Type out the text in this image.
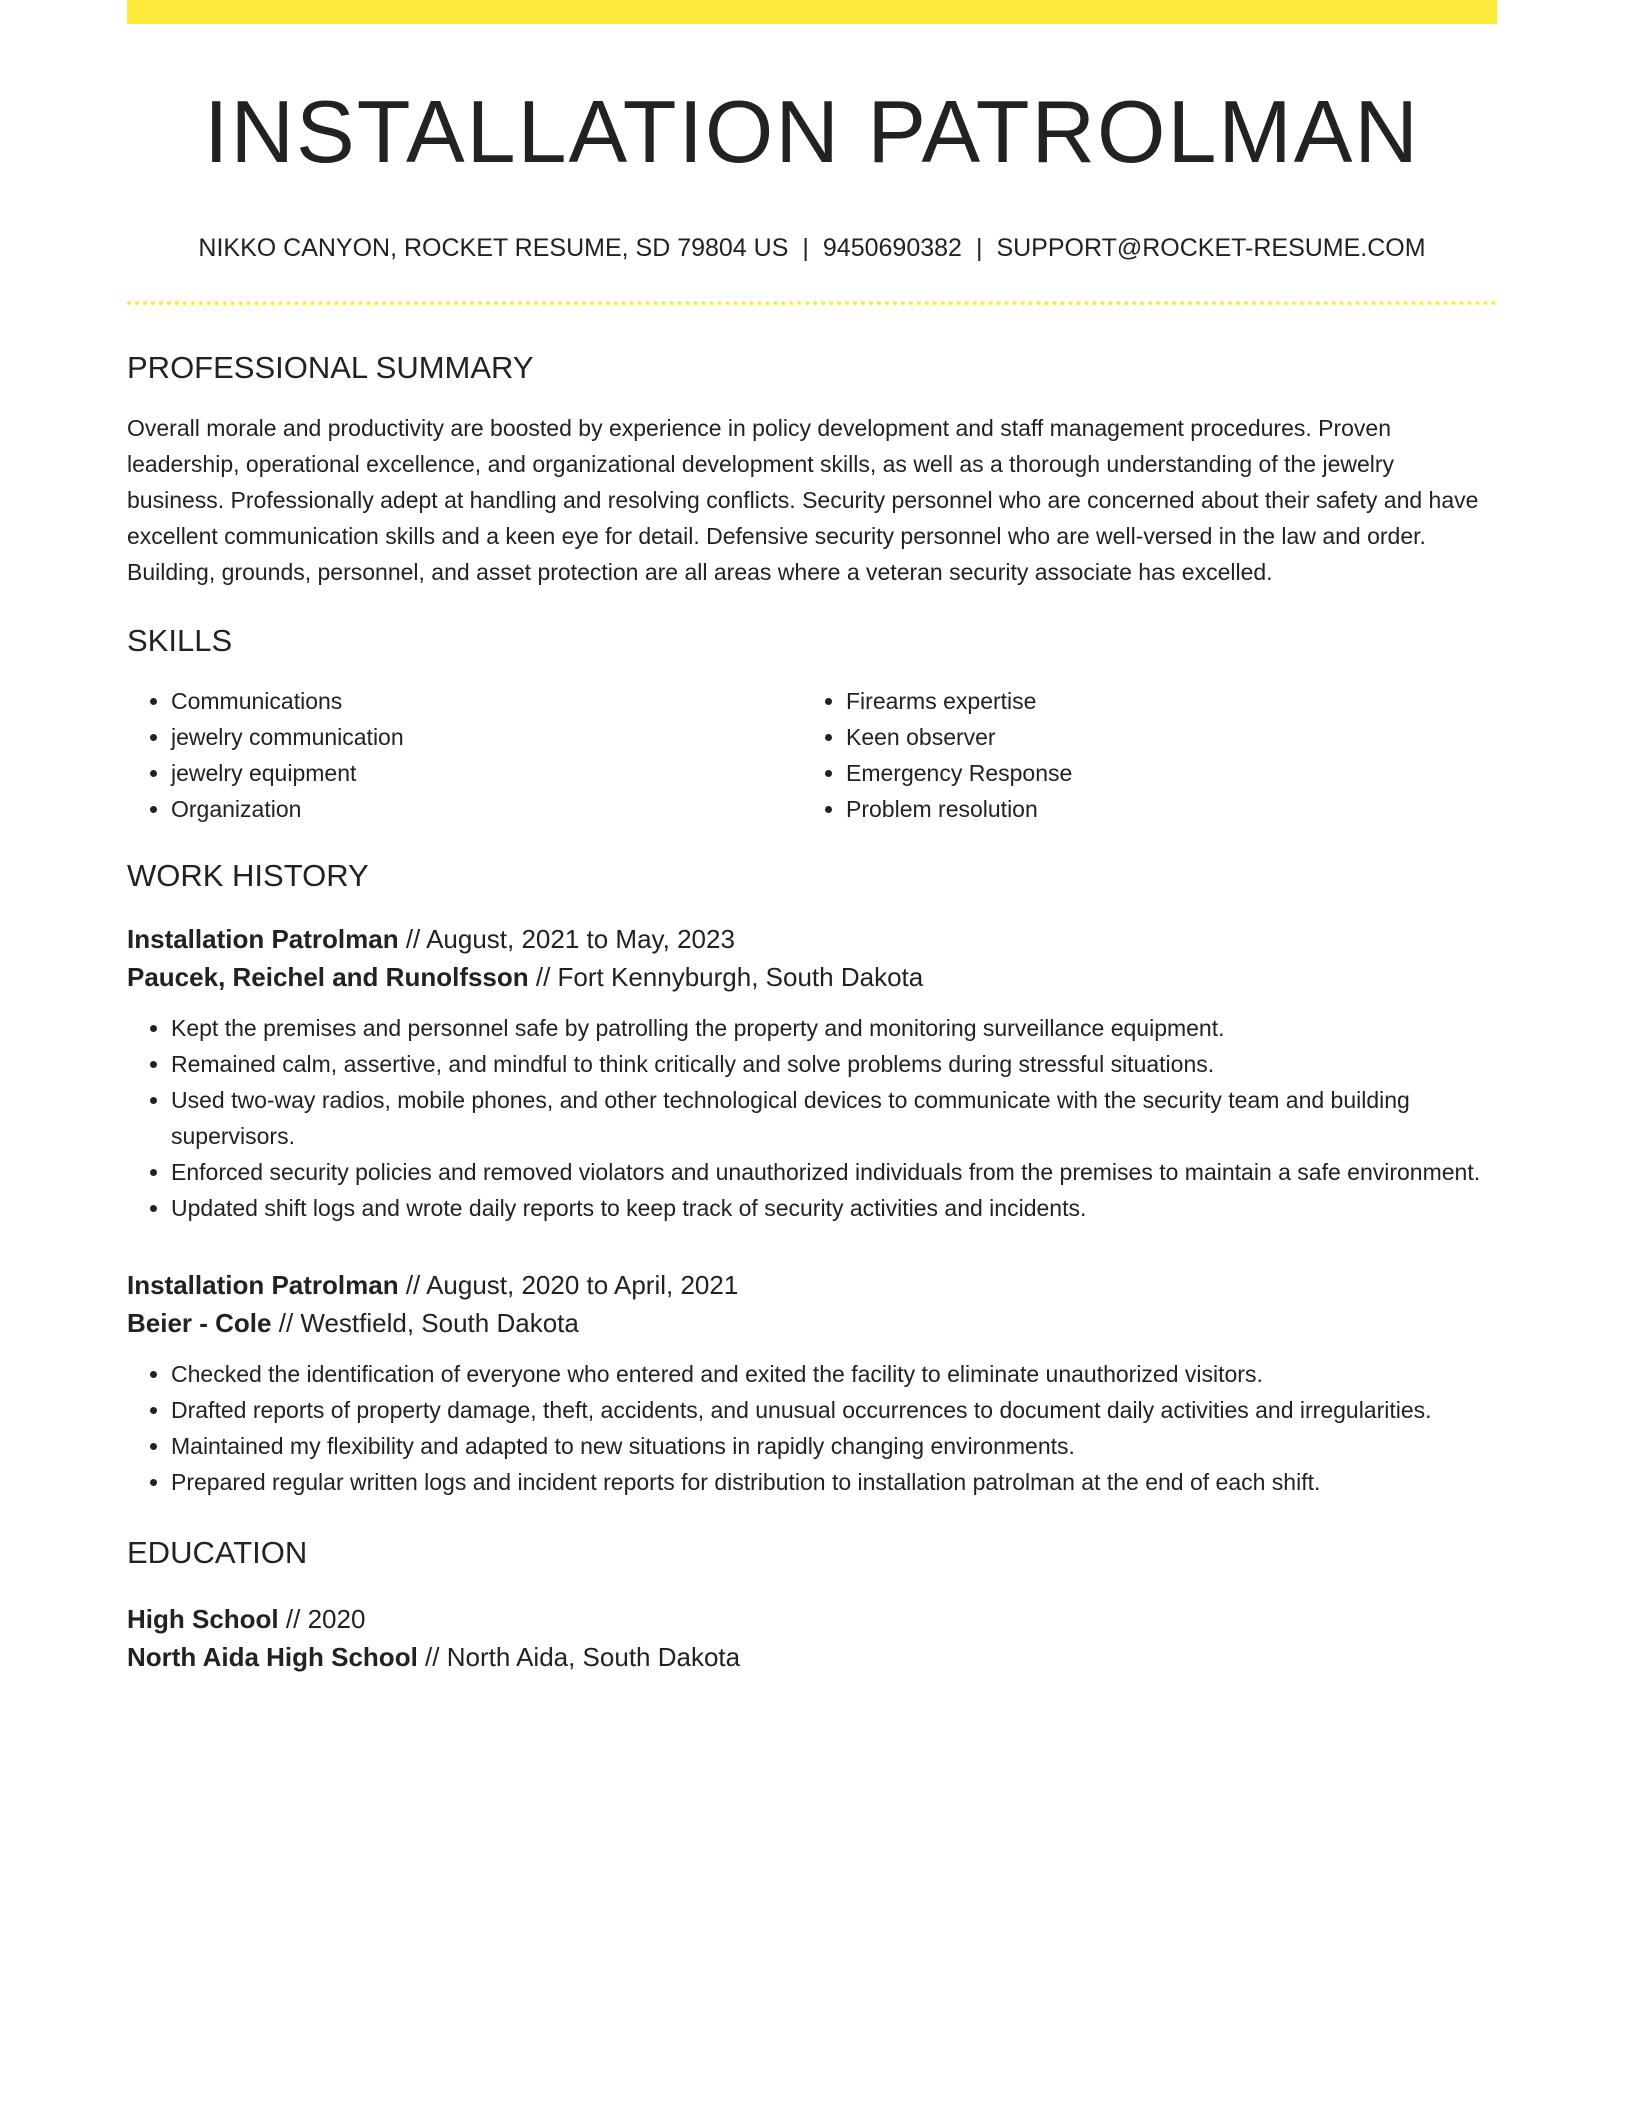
INSTALLATION PATROLMAN
NIKKO CANYON, ROCKET RESUME, SD 79804 US | 9450690382 | SUPPORT@ROCKET-RESUME.COM
PROFESSIONAL SUMMARY
Overall morale and productivity are boosted by experience in policy development and staff management procedures. Proven leadership, operational excellence, and organizational development skills, as well as a thorough understanding of the jewelry business. Professionally adept at handling and resolving conflicts. Security personnel who are concerned about their safety and have excellent communication skills and a keen eye for detail. Defensive security personnel who are well-versed in the law and order. Building, grounds, personnel, and asset protection are all areas where a veteran security associate has excelled.
SKILLS
• Communications
• jewelry communication
• jewelry equipment
• Organization
• Firearms expertise
• Keen observer
• Emergency Response
• Problem resolution
WORK HISTORY
Installation Patrolman // August, 2021 to May, 2023
Paucek, Reichel and Runolfsson // Fort Kennyburgh, South Dakota
• Kept the premises and personnel safe by patrolling the property and monitoring surveillance equipment.
• Remained calm, assertive, and mindful to think critically and solve problems during stressful situations.
• Used two-way radios, mobile phones, and other technological devices to communicate with the security team and building supervisors.
• Enforced security policies and removed violators and unauthorized individuals from the premises to maintain a safe environment.
• Updated shift logs and wrote daily reports to keep track of security activities and incidents.
Installation Patrolman // August, 2020 to April, 2021
Beier - Cole // Westfield, South Dakota
• Checked the identification of everyone who entered and exited the facility to eliminate unauthorized visitors.
• Drafted reports of property damage, theft, accidents, and unusual occurrences to document daily activities and irregularities.
• Maintained my flexibility and adapted to new situations in rapidly changing environments.
• Prepared regular written logs and incident reports for distribution to installation patrolman at the end of each shift.
EDUCATION
High School // 2020
North Aida High School // North Aida, South Dakota
